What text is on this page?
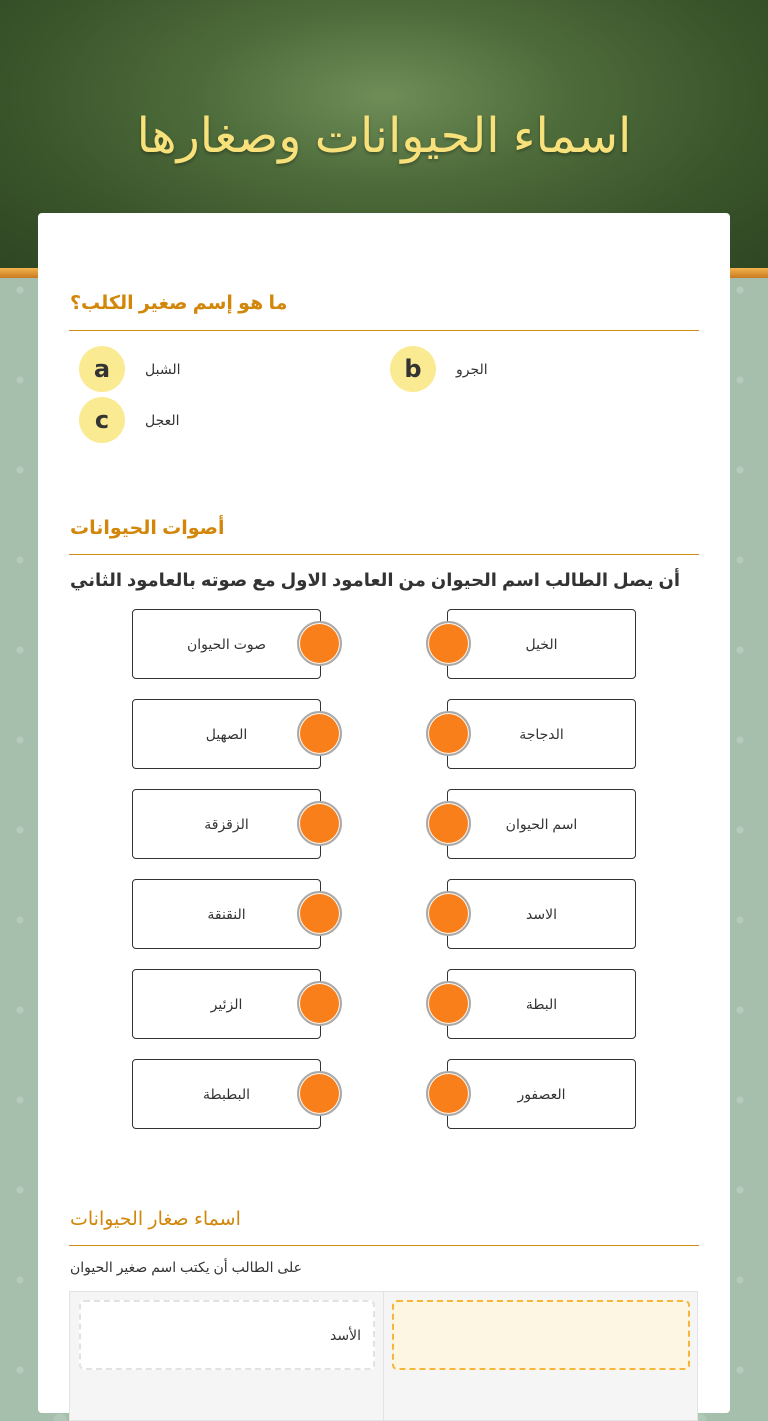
اسماء الحيوانات وصغارها
ما هو إسم صغير الكلب؟
a	الشبل	b	الجرو
c	العجل
أصوات الحيوانات
أن يصل الطالب اسم الحيوان من العامود الاول مع صوته بالعامود الثاني
اسماء صغار الحيوانات
على الطالب أن يكتب اسم صغير الحيوان
الأسد
صوت الحيوان	الخيل
الصهيل	الدجاجة
الزقزقة	اسم الحيوان
النقنقة	الاسد
الزئير	البطة
البطبطة	العصفور
